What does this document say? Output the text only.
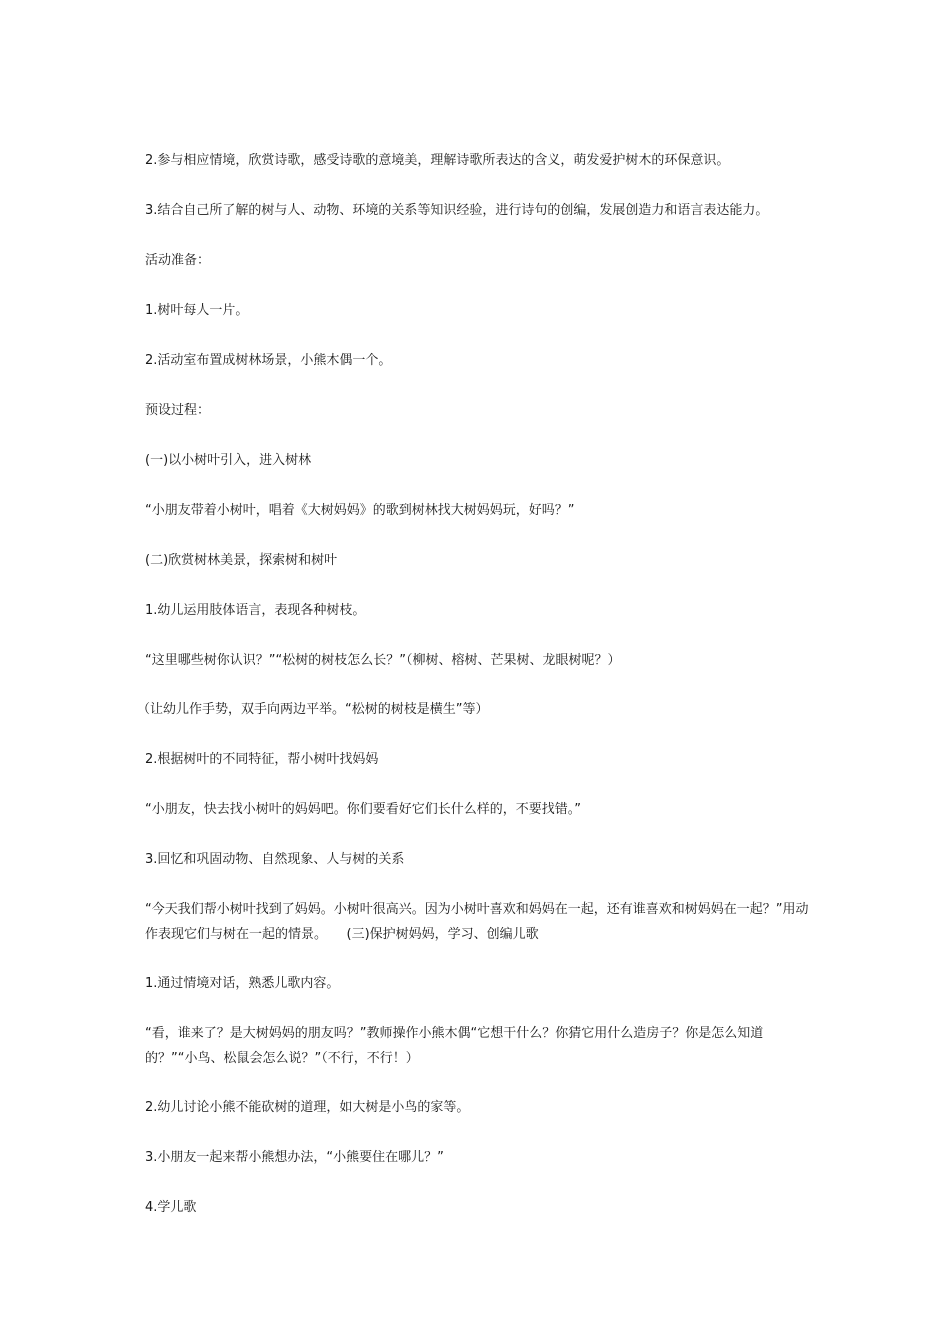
2.参与相应情境，欣赏诗歌，感受诗歌的意境美，理解诗歌所表达的含义，萌发爱护树木的环保意识。

3.结合自己所了解的树与人、动物、环境的关系等知识经验，进行诗句的创编，发展创造力和语言表达能力。

活动准备：

1.树叶每人一片。

2.活动室布置成树林场景，小熊木偶一个。

预设过程：

(一)以小树叶引入，进入树林

“小朋友带着小树叶，唱着《大树妈妈》的歌到树林找大树妈妈玩，好吗？”

(二)欣赏树林美景，探索树和树叶

1.幼儿运用肢体语言，表现各种树枝。

“这里哪些树你认识？”“松树的树枝怎么长？”（柳树、榕树、芒果树、龙眼树呢？）

（让幼儿作手势，双手向两边平举。“松树的树枝是横生”等）

2.根据树叶的不同特征，帮小树叶找妈妈

“小朋友，快去找小树叶的妈妈吧。你们要看好它们长什么样的，不要找错。”

3.回忆和巩固动物、自然现象、人与树的关系

“今天我们帮小树叶找到了妈妈。小树叶很高兴。因为小树叶喜欢和妈妈在一起，还有谁喜欢和树妈妈在一起？”用动作表现它们与树在一起的情景。　　(三)保护树妈妈，学习、创编儿歌

1.通过情境对话，熟悉儿歌内容。

“看，谁来了？是大树妈妈的朋友吗？”教师操作小熊木偶“它想干什么？你猜它用什么造房子？你是怎么知道的？”“小鸟、松鼠会怎么说？”（不行，不行！）

2.幼儿讨论小熊不能砍树的道理，如大树是小鸟的家等。

3.小朋友一起来帮小熊想办法，“小熊要住在哪儿？”

4.学儿歌
